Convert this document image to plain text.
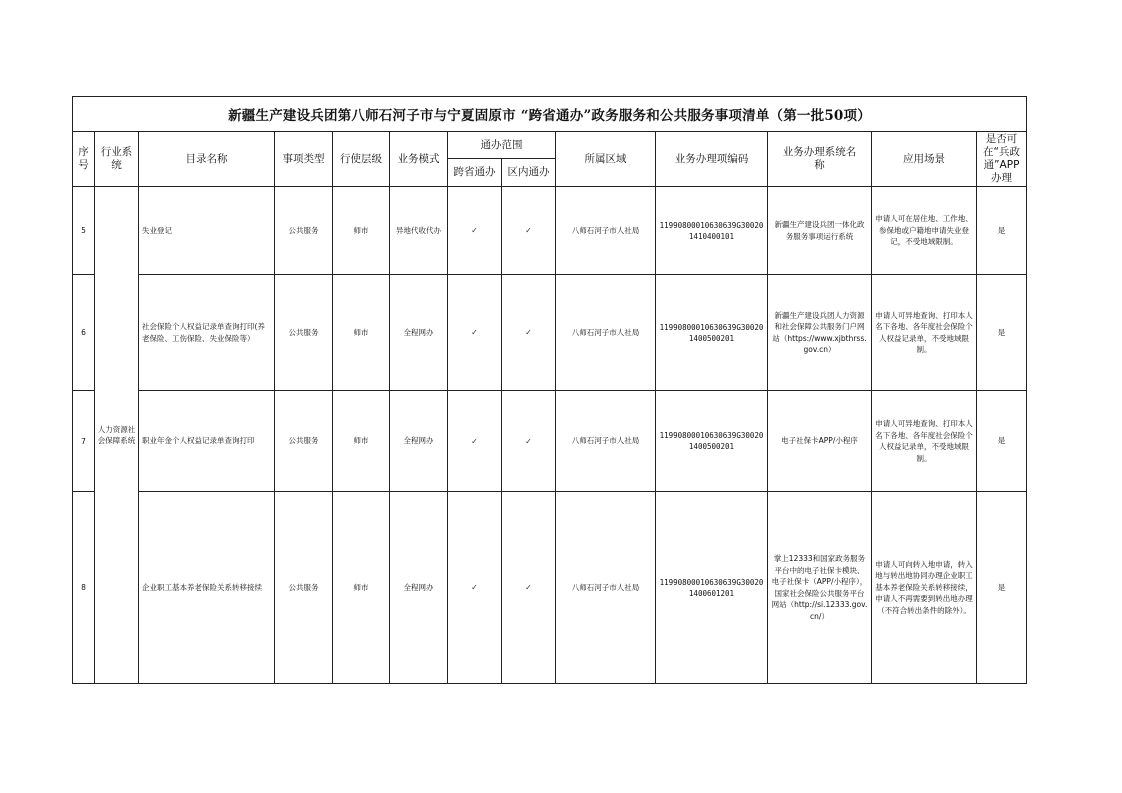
新疆生产建设兵团第八师石河子市与宁夏固原市 “跨省通办”政务服务和公共服务事项清单（第一批50项）												
序号	行业系统	目录名称	事项类型	行使层级	业务模式	通办范围		所属区域	业务办理项编码	业务办理系统名称	应用场景	是否可在“兵政通”APP办理
						跨省通办	区内通办					
5	人力资源社会保障系统	失业登记	公共服务	师市	异地代收代办	✓	✓	八师石河子市人社局	11990800010630639G300201410400101	新疆生产建设兵团一体化政务服务事项运行系统	申请人可在居住地、工作地、参保地或户籍地申请失业登记，不受地域限制。	是
6		社会保险个人权益记录单查询打印(养老保险、工伤保险、失业保险等）	公共服务	师市	全程网办	✓	✓	八师石河子市人社局	11990800010630639G300201400500201	新疆生产建设兵团人力资源和社会保障公共服务门户网站（https://www.xjbthrss.gov.cn）	申请人可异地查询、打印本人名下各地、各年度社会保险个人权益记录单，不受地域限制。	是
7		职业年金个人权益记录单查询打印	公共服务	师市	全程网办	✓	✓	八师石河子市人社局	11990800010630639G300201400500201	电子社保卡APP/小程序	申请人可异地查询、打印本人名下各地、各年度社会保险个人权益记录单，不受地域限制。	是
8		企业职工基本养老保险关系转移接续	公共服务	师市	全程网办	✓	✓	八师石河子市人社局	11990800010630639G300201400601201	掌上12333和国家政务服务平台中的电子社保卡模块、电子社保卡（APP/小程序），国家社会保险公共服务平台网站（http://si.12333.gov.cn/）	申请人可向转入地申请，转入地与转出地协同办理企业职工基本养老保险关系转移接续，申请人不再需要到转出地办理（不符合转出条件的除外）。	是
